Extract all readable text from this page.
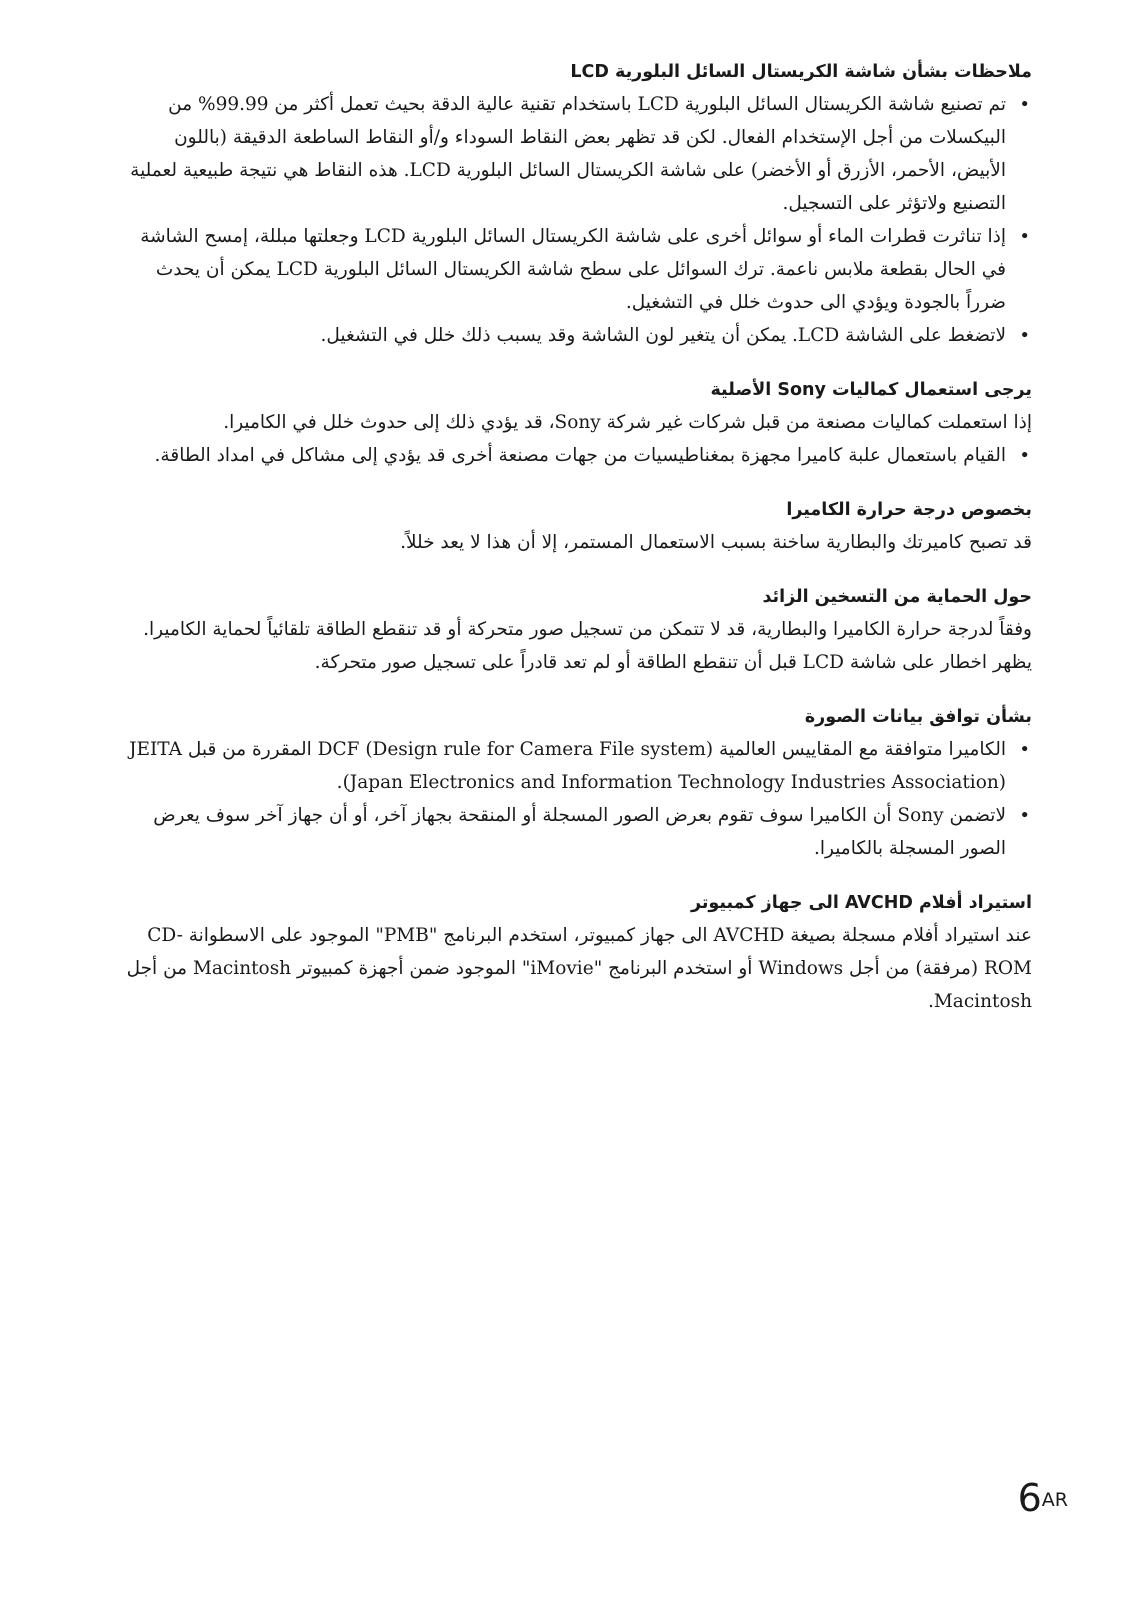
ملاحظات بشأن شاشة الكريستال السائل البلورية LCD
• تم تصنيع شاشة الكريستال السائل البلورية LCD باستخدام تقنية عالية الدقة بحيث تعمل أكثر من 99.99% من البيكسلات من أجل الإستخدام الفعال. لكن قد تظهر بعض النقاط السوداء و/أو النقاط الساطعة الدقيقة (باللون الأبيض، الأحمر، الأزرق أو الأخضر) على شاشة الكريستال السائل البلورية LCD. هذه النقاط هي نتيجة طبيعية لعملية التصنيع ولاتؤثر على التسجيل.
• إذا تناثرت قطرات الماء أو سوائل أخرى على شاشة الكريستال السائل البلورية LCD وجعلتها مبللة، إمسح الشاشة في الحال بقطعة ملابس ناعمة. ترك السوائل على سطح شاشة الكريستال السائل البلورية LCD يمكن أن يحدث ضرراً بالجودة ويؤدي الى حدوث خلل في التشغيل.
• لاتضغط على الشاشة LCD. يمكن أن يتغير لون الشاشة وقد يسبب ذلك خلل في التشغيل.
يرجى استعمال كماليات Sony الأصلية

إذا استعملت كماليات مصنعة من قبل شركات غير شركة Sony، قد يؤدي ذلك إلى حدوث خلل في الكاميرا.

• القيام باستعمال علبة كاميرا مجهزة بمغناطيسيات من جهات مصنعة أخرى قد يؤدي إلى مشاكل في امداد الطاقة.
بخصوص درجة حرارة الكاميرا

قد تصبح كاميرتك والبطارية ساخنة بسبب الاستعمال المستمر، إلا أن هذا لا يعد خللاً.

حول الحماية من التسخين الزائد

وفقاً لدرجة حرارة الكاميرا والبطارية، قد لا تتمكن من تسجيل صور متحركة أو قد تنقطع الطاقة تلقائياً لحماية الكاميرا. يظهر اخطار على شاشة LCD قبل أن تنقطع الطاقة أو لم تعد قادراً على تسجيل صور متحركة.

بشأن توافق بيانات الصورة
• الكاميرا متوافقة مع المقاييس العالمية DCF (Design rule for Camera File system) المقررة من قبل JEITA (Japan Electronics and Information Technology Industries Association).
• لاتضمن Sony أن الكاميرا سوف تقوم بعرض الصور المسجلة أو المنقحة بجهاز آخر، أو أن جهاز آخر سوف يعرض الصور المسجلة بالكاميرا.
استيراد أفلام AVCHD الى جهاز كمبيوتر

عند استيراد أفلام مسجلة بصيغة AVCHD الى جهاز كمبيوتر، استخدم البرنامج "PMB" الموجود على الاسطوانة CD-ROM (مرفقة) من أجل Windows أو استخدم البرنامج "iMovie" الموجود ضمن أجهزة كمبيوتر Macintosh من أجل Macintosh.

$6^{AR}$
